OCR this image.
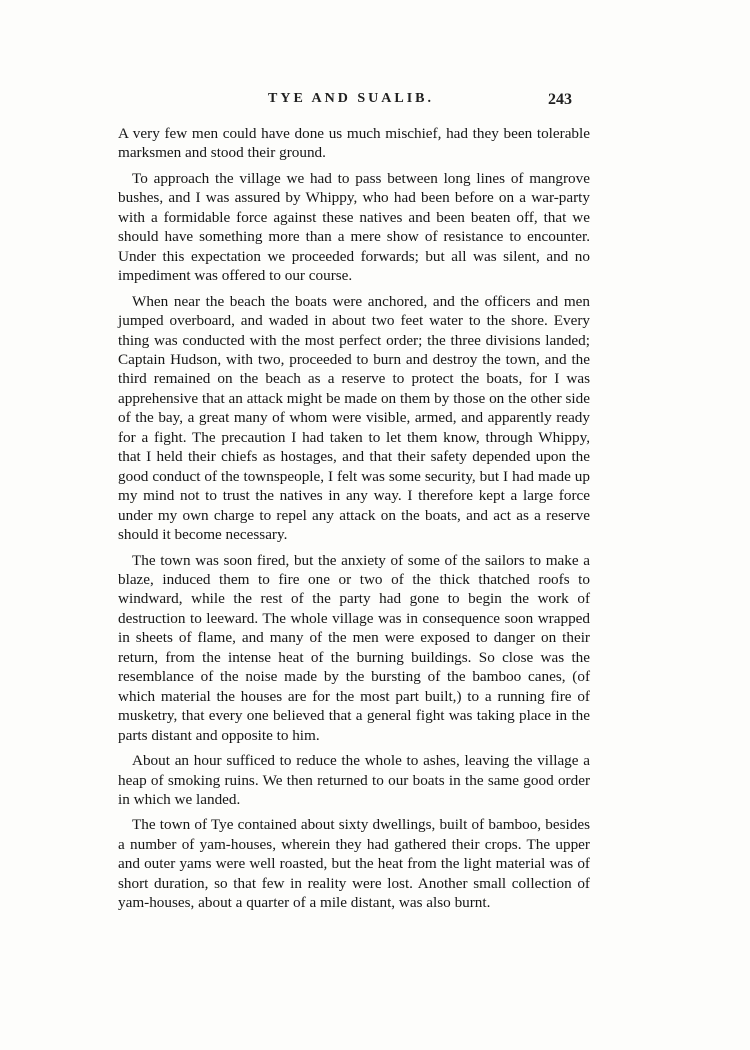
TYE AND SUALIB.	243

A very few men could have done us much mischief, had they been tolerable marksmen and stood their ground.

To approach the village we had to pass between long lines of mangrove bushes, and I was assured by Whippy, who had been before on a war-party with a formidable force against these natives and been beaten off, that we should have something more than a mere show of resistance to encounter. Under this expectation we proceeded forwards; but all was silent, and no impediment was offered to our course.

When near the beach the boats were anchored, and the officers and men jumped overboard, and waded in about two feet water to the shore. Every thing was conducted with the most perfect order; the three divisions landed; Captain Hudson, with two, proceeded to burn and destroy the town, and the third remained on the beach as a reserve to protect the boats, for I was apprehensive that an attack might be made on them by those on the other side of the bay, a great many of whom were visible, armed, and apparently ready for a fight. The precaution I had taken to let them know, through Whippy, that I held their chiefs as hostages, and that their safety depended upon the good conduct of the townspeople, I felt was some security, but I had made up my mind not to trust the natives in any way. I therefore kept a large force under my own charge to repel any attack on the boats, and act as a reserve should it become necessary.

The town was soon fired, but the anxiety of some of the sailors to make a blaze, induced them to fire one or two of the thick thatched roofs to windward, while the rest of the party had gone to begin the work of destruction to leeward. The whole village was in consequence soon wrapped in sheets of flame, and many of the men were exposed to danger on their return, from the intense heat of the burning buildings. So close was the resemblance of the noise made by the bursting of the bamboo canes, (of which material the houses are for the most part built,) to a running fire of musketry, that every one believed that a general fight was taking place in the parts distant and opposite to him.

About an hour sufficed to reduce the whole to ashes, leaving the village a heap of smoking ruins. We then returned to our boats in the same good order in which we landed.

The town of Tye contained about sixty dwellings, built of bamboo, besides a number of yam-houses, wherein they had gathered their crops. The upper and outer yams were well roasted, but the heat from the light material was of short duration, so that few in reality were lost. Another small collection of yam-houses, about a quarter of a mile distant, was also burnt.
